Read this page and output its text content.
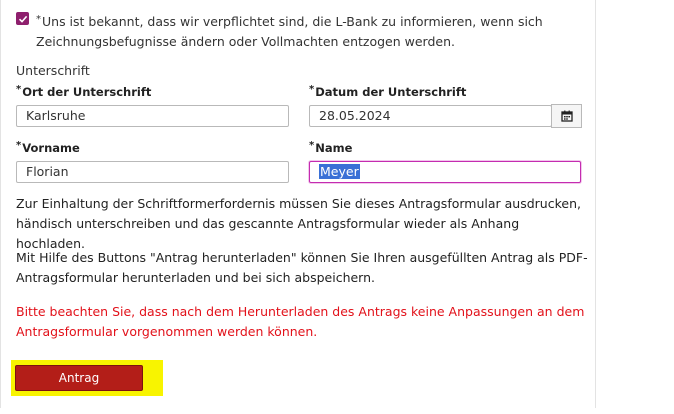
*Uns ist bekannt, dass wir verpflichtet sind, die L-Bank zu informieren, wenn sich Zeichnungsbefugnisse ändern oder Vollmachten entzogen werden.
Unterschrift
*Ort der Unterschrift
Karlsruhe
*Datum der Unterschrift
28.05.2024
*Vorname
Florian
*Name
Meyer
Zur Einhaltung der Schriftformerfordernis müssen Sie dieses Antragsformular ausdrucken, händisch unterschreiben und das gescannte Antragsformular wieder als Anhang hochladen.
Mit Hilfe des Buttons "Antrag herunterladen" können Sie Ihren ausgefüllten Antrag als PDF-Antragsformular herunterladen und bei sich abspeichern.
Bitte beachten Sie, dass nach dem Herunterladen des Antrags keine Anpassungen an dem Antragsformular vorgenommen werden können.
Antrag herunterladen
